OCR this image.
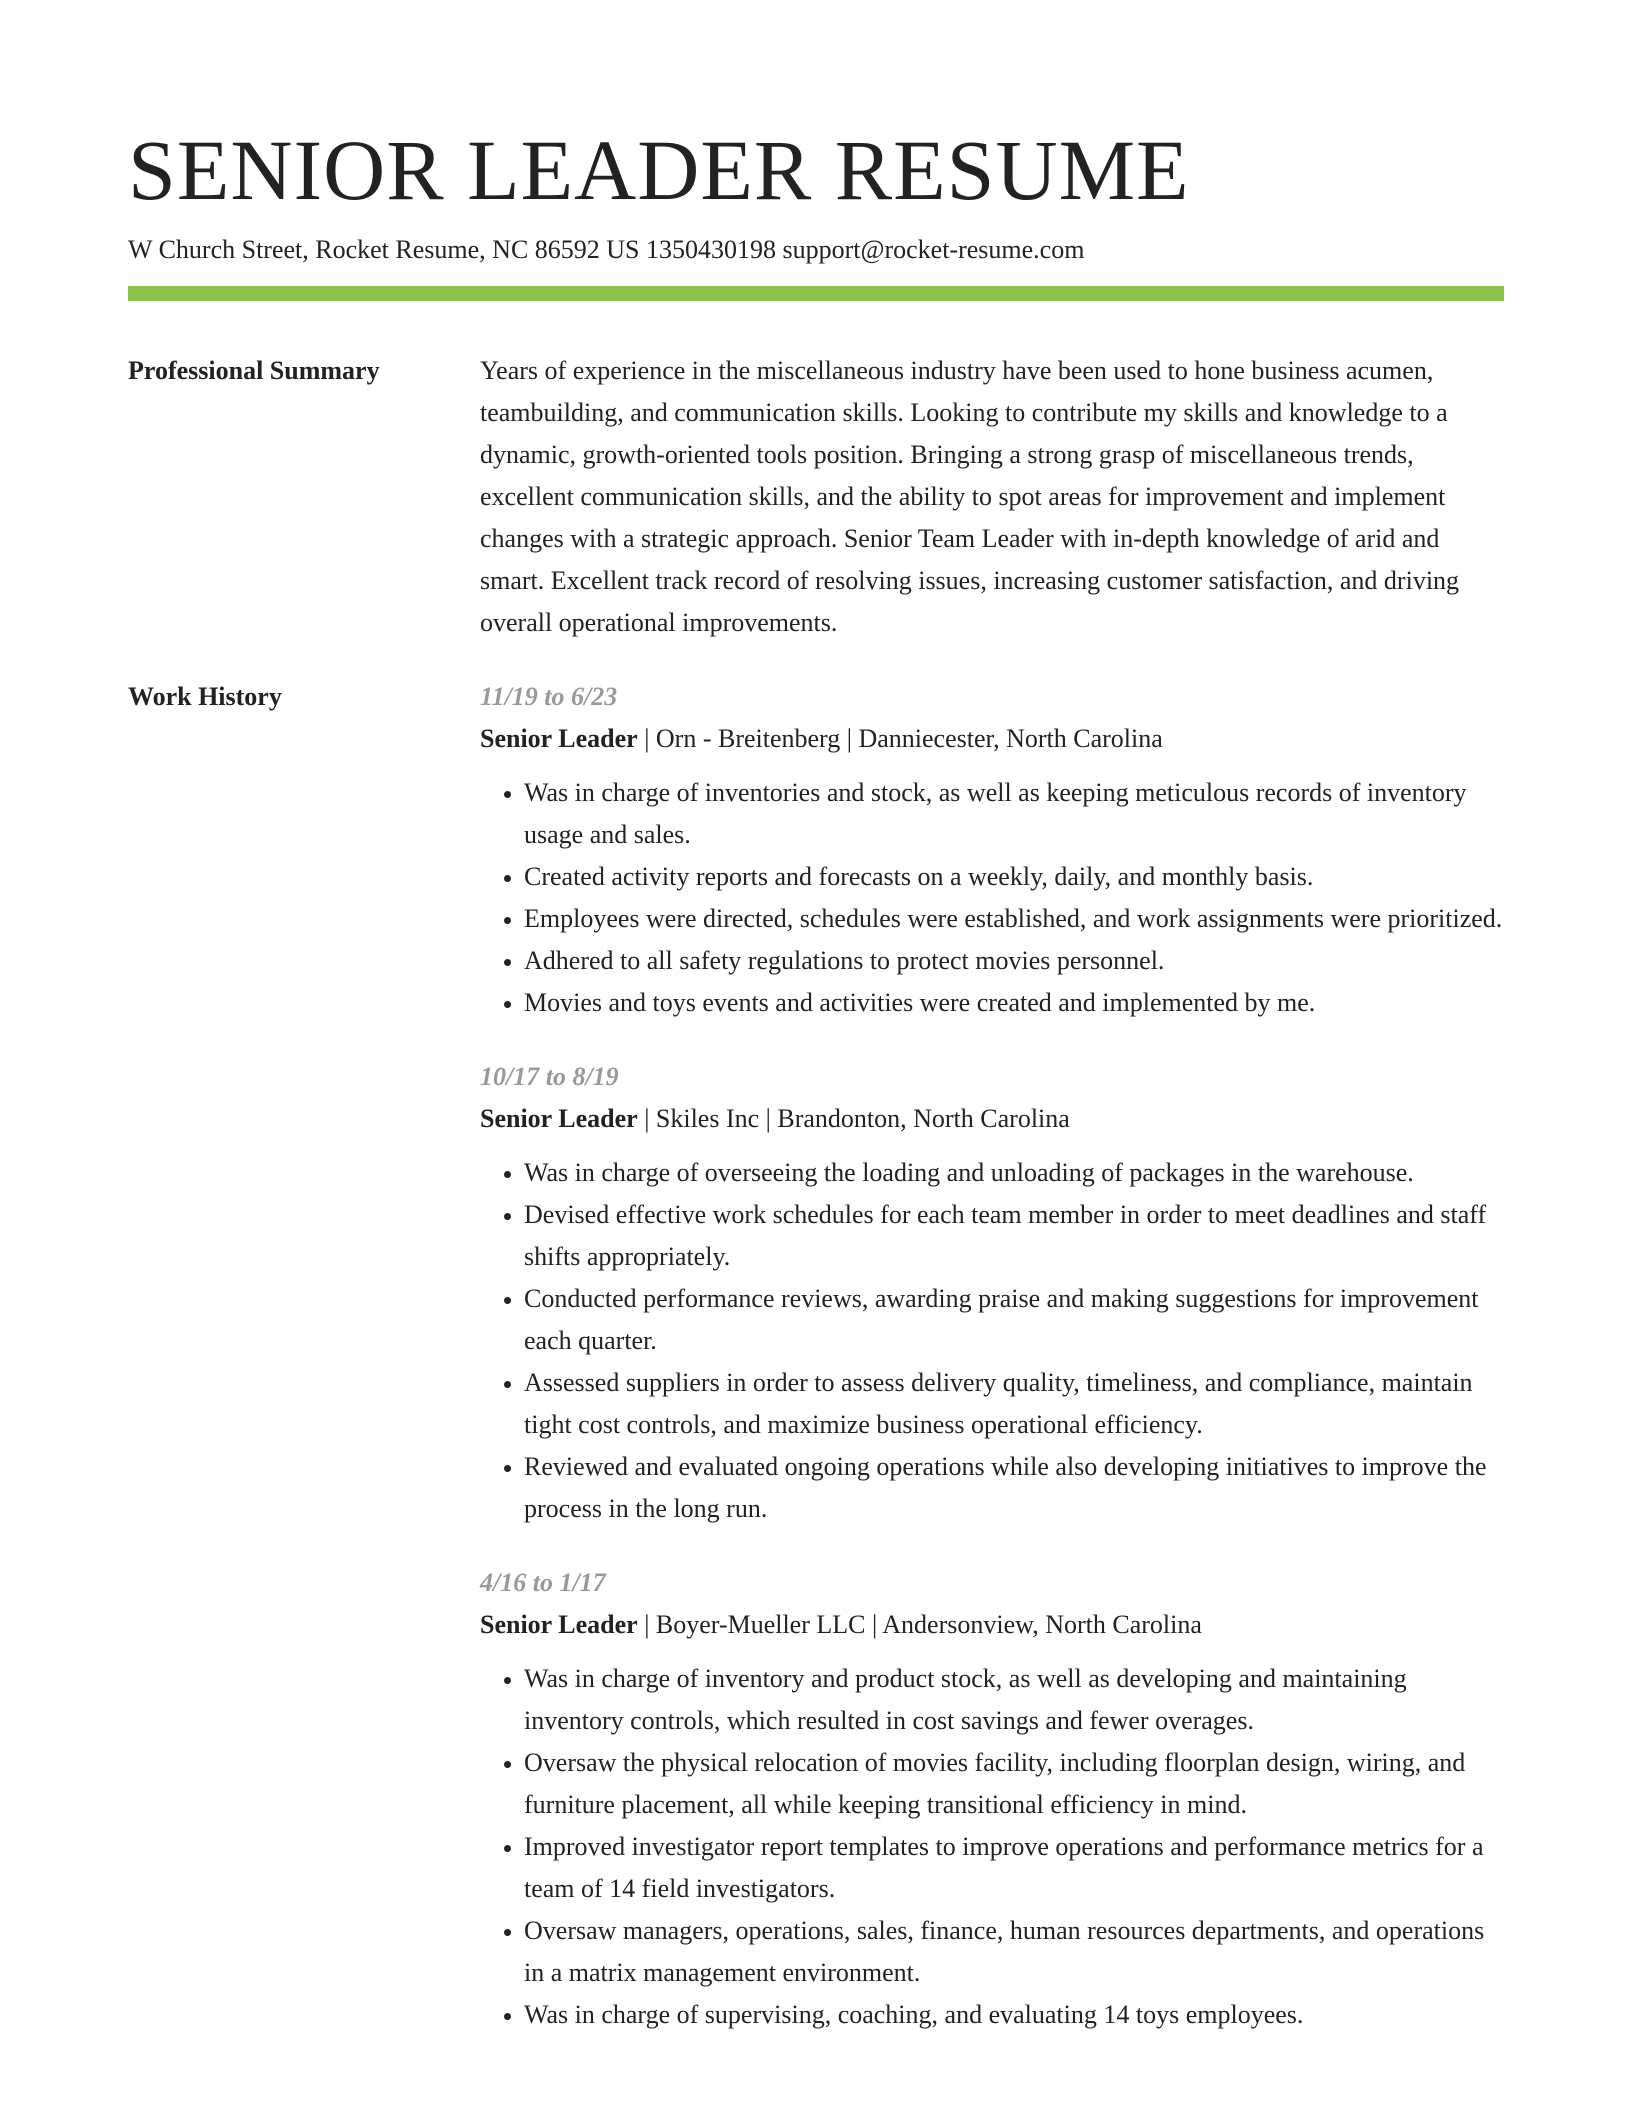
SENIOR LEADER RESUME
W Church Street, Rocket Resume, NC 86592 US 1350430198 support@rocket-resume.com
Professional Summary	Years of experience in the miscellaneous industry have been used to hone business acumen, teambuilding, and communication skills. Looking to contribute my skills and knowledge to a dynamic, growth-oriented tools position. Bringing a strong grasp of miscellaneous trends, excellent communication skills, and the ability to spot areas for improvement and implement changes with a strategic approach. Senior Team Leader with in-depth knowledge of arid and smart. Excellent track record of resolving issues, increasing customer satisfaction, and driving overall operational improvements.
Work History	11/19 to 6/23
Senior Leader | Orn - Breitenberg | Danniecester, North Carolina
• Was in charge of inventories and stock, as well as keeping meticulous records of inventory usage and sales.
• Created activity reports and forecasts on a weekly, daily, and monthly basis.
• Employees were directed, schedules were established, and work assignments were prioritized.
• Adhered to all safety regulations to protect movies personnel.
• Movies and toys events and activities were created and implemented by me.
10/17 to 8/19
Senior Leader | Skiles Inc | Brandonton, North Carolina
• Was in charge of overseeing the loading and unloading of packages in the warehouse.
• Devised effective work schedules for each team member in order to meet deadlines and staff shifts appropriately.
• Conducted performance reviews, awarding praise and making suggestions for improvement each quarter.
• Assessed suppliers in order to assess delivery quality, timeliness, and compliance, maintain tight cost controls, and maximize business operational efficiency.
• Reviewed and evaluated ongoing operations while also developing initiatives to improve the process in the long run.
4/16 to 1/17
Senior Leader | Boyer-Mueller LLC | Andersonview, North Carolina
• Was in charge of inventory and product stock, as well as developing and maintaining inventory controls, which resulted in cost savings and fewer overages.
• Oversaw the physical relocation of movies facility, including floorplan design, wiring, and furniture placement, all while keeping transitional efficiency in mind.
• Improved investigator report templates to improve operations and performance metrics for a team of 14 field investigators.
• Oversaw managers, operations, sales, finance, human resources departments, and operations in a matrix management environment.
• Was in charge of supervising, coaching, and evaluating 14 toys employees.
